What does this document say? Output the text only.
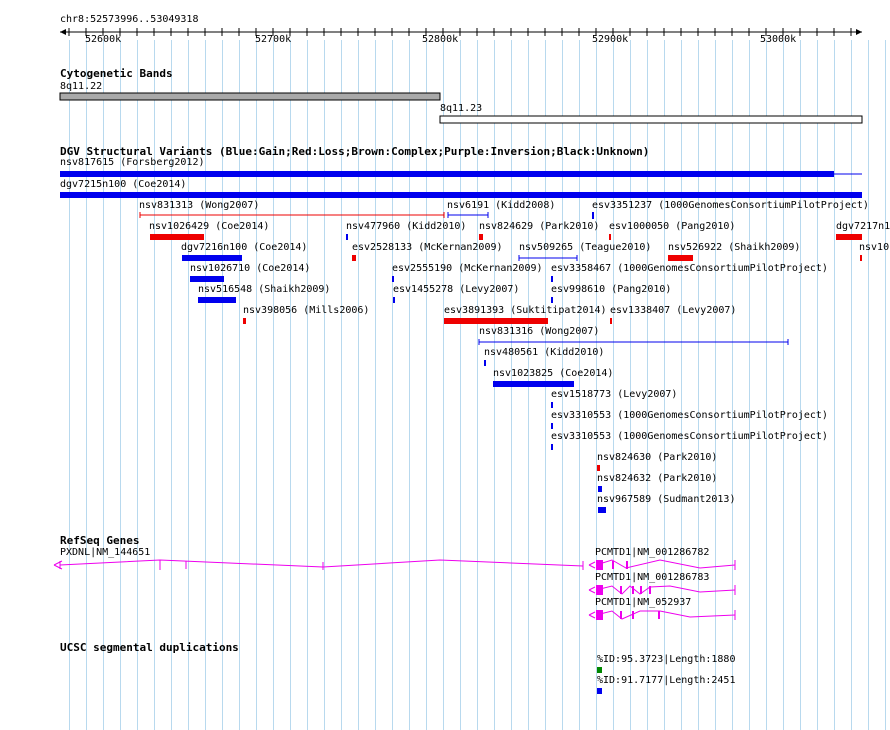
chr8:52573996..53049318
52600k	52700k	52800k	52900k	53000k
Cytogenetic Bands
DGV Structural Variants (Blue:Gain;Red:Loss;Brown:Complex;Purple:Inversion;Black:Unknown)
RefSeq Genes
UCSC segmental duplications
8q11.22
8q11.23
nsv817615 (Forsberg2012)
dgv7215n100 (Coe2014)
nsv831313 (Wong2007)	nsv6191 (Kidd2008)	esv3351237 (1000GenomesConsortiumPilotProject)
nsv1026429 (Coe2014)	nsv477960 (Kidd2010) nsv824629 (Park2010) esv1000050 (Pang2010)	dgv7217n1
dgv7216n100 (Coe2014)	esv2528133 (McKernan2009) nsv509265 (Teague2010) nsv526922 (Shaikh2009)	nsv10
nsv1026710 (Coe2014)	esv2555190 (McKernan2009) esv3358467 (1000GenomesConsortiumPilotProject)
nsv516548 (Shaikh2009)	esv1455278 (Levy2007)	esv998610 (Pang2010)
nsv398056 (Mills2006)	esv3891393 (Suktitipat2014) esv1338407 (Levy2007)
nsv831316 (Wong2007)
nsv480561 (Kidd2010)
nsv1023825 (Coe2014)
esv1518773 (Levy2007)
esv3310553 (1000GenomesConsortiumPilotProject)
esv3310553 (1000GenomesConsortiumPilotProject)
nsv824630 (Park2010)
nsv824632 (Park2010)
nsv967589 (Sudmant2013)
PXDNL|NM_144651	PCMTD1|NM_001286782
PCMTD1|NM_001286783
PCMTD1|NM_052937
%ID:95.3723|Length:1880
%ID:91.7177|Length:2451
